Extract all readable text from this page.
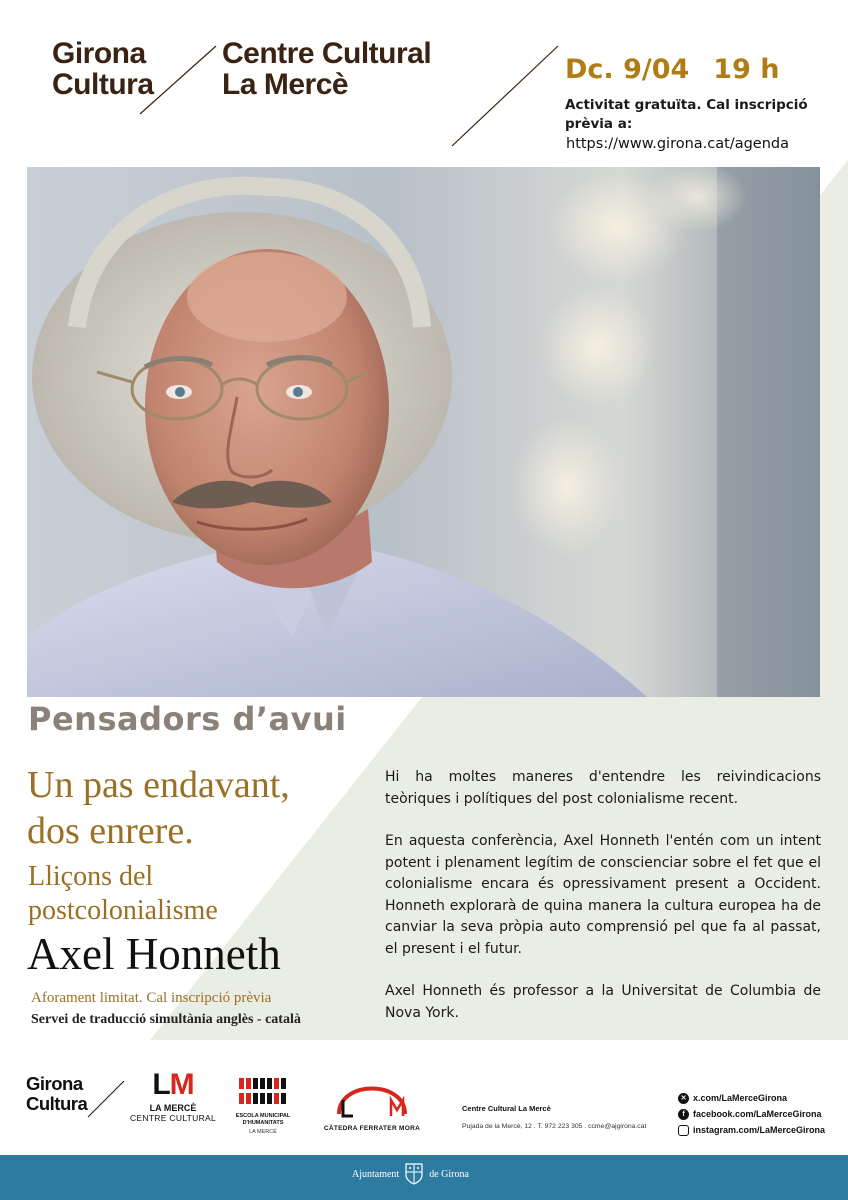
Girona
Cultura
Centre Cultural
La Mercè	Dc. 9/04 19 h
Activitat gratuïta. Cal inscripció prèvia a:
https://www.girona.cat/agenda
Pensadors d’avui
Un pas endavant,
dos enrere.
Lliçons del
postcolonialisme
Axel Honneth
Aforament limitat. Cal inscripció prèvia
Servei de traducció simultània anglès - català

Hi ha moltes maneres d'entendre les reivindicacions teòriques i polítiques del post colonialisme recent.

En aquesta conferència, Axel Honneth l'entén com un intent potent i plenament legítim de conscienciar sobre el fet que el colonialisme encara és opressivament present a Occident. Honneth explorarà de quina manera la cultura europea ha de canviar la seva pròpia auto comprensió pel que fa al passat, el present i el futur.

Axel Honneth és professor a la Universitat de Columbia de Nova York.

Girona
Cultura
LM
LA MERCÈ
CENTRE CULTURAL	ESCOLA MUNICIPAL
D'HUMANITATS
LA MERCÈ	CÀTEDRA FERRATER MORA
Centre Cultural La Mercè
Pujada de la Mercè, 12 . T. 972 223 305 . ccme@ajgirona.cat
✕ x.com/LaMerceGirona
f facebook.com/LaMerceGirona
instagram.com/LaMerceGirona
Ajuntament	de Girona
